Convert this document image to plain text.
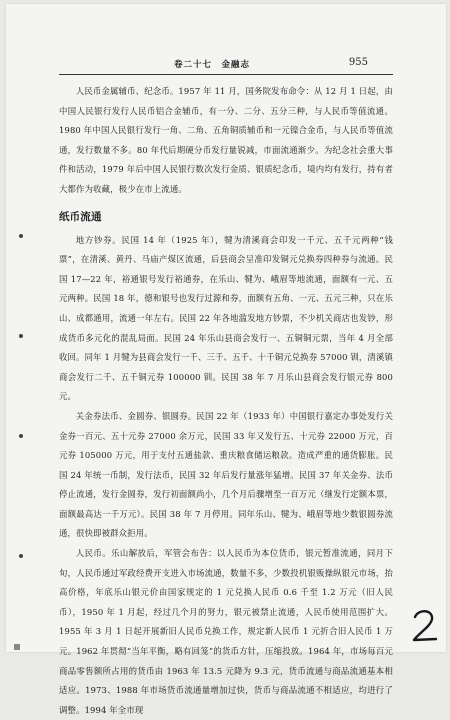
卷二十七　金融志	955

人民币金属辅币、纪念币。1957 年 11 月，国务院发布命令：从 12 月 1 日起，由中国人民银行发行人民币铝合金辅币，有一分、二分、五分三种，与人民币等值流通。1980 年中国人民银行发行一角、二角、五角铜质辅币和一元镍合金币，与人民币等值流通，发行数量不多。80 年代后期硬分币发行量锐减，市面流通渐少。为纪念社会重大事件和活动，1979 年后中国人民银行数次发行金质、银质纪念币，境内均有发行，持有者大都作为收藏，极少在市上流通。

纸币流通

地方钞券。民国 14 年（1925 年），犍为清溪商会印发一千元、五千元两种“钱票”，在清溪、黄丹、马庙产煤区流通，后县商会呈准印发铜元兑换券四种券与流通。民国 17—22 年，裕通银号发行裕通券，在乐山、犍为、峨眉等地流通，面额有一元、五元两种。民国 18 年，德和银号也发行过源和券，面额有五角、一元、五元三种，只在乐山、成都通用，流通一年左右。民国 22 年各地滥发地方钞票，不少机关商店也发钞，形成货币多元化的混乱局面。民国 24 年乐山县商会发行一、五铜铜元票，当年 4 月全部收回。同年 1 月犍为县商会发行一千、三千、五千、十千铜元兑换券 57000 钏，清溪镇商会发行二千、五千铜元券 100000 钏。民国 38 年 7 月乐山县商会发行银元券 800 元。

关金券法币、金圆券、银圆券。民国 22 年（1933 年）中国银行嘉定办事处发行关金券一百元、五十元券 27000 余万元，民国 33 年又发行五、十元券 22000 万元，百元券 105000 万元，用于支付五通盐款、重庆粮食储运粮款。造成严重的通货膨胀。民国 24 年统一币制，发行法币，民国 32 年后发行量涨年猛增。民国 37 年关金券、法币停止流通，发行金圆券，发行初面额尚小，几个月后骤增至一百万元（继发行定额本票，面额最高达一千万元）。民国 38 年 7 月停用。同年乐山、犍为、峨眉等地少数银圆券流通，很快即被群众拒用。

人民币。乐山解放后，军管会布告：以人民币为本位货币，银元暂准流通，同月下旬，人民币通过军政经费开支进入市场流通，数量不多，少数投机银贩操纵银元市场，抬高价格，年底乐山银元价由国家规定的 1 元兑换人民币 0.6 千至 1.2 万元（旧人民币），1950 年 1 月起，经过几个月的努力，银元被禁止流通，人民币使用范围扩大。1955 年 3 月 1 日起开展新旧人民币兑换工作，规定新人民币 1 元折合旧人民币 1 万元。1962 年贯彻“当年平衡，略有回笼”的货币方针，压缩投放。1964 年，市场每百元商品零售额所占用的货币由 1963 年 13.5 元降为 9.3 元，货币流通与商品流通基本相适应。1973、1988 年市场货币流通量增加过快，货币与商品流通不相适应，均进行了调整。1994 年全市现
